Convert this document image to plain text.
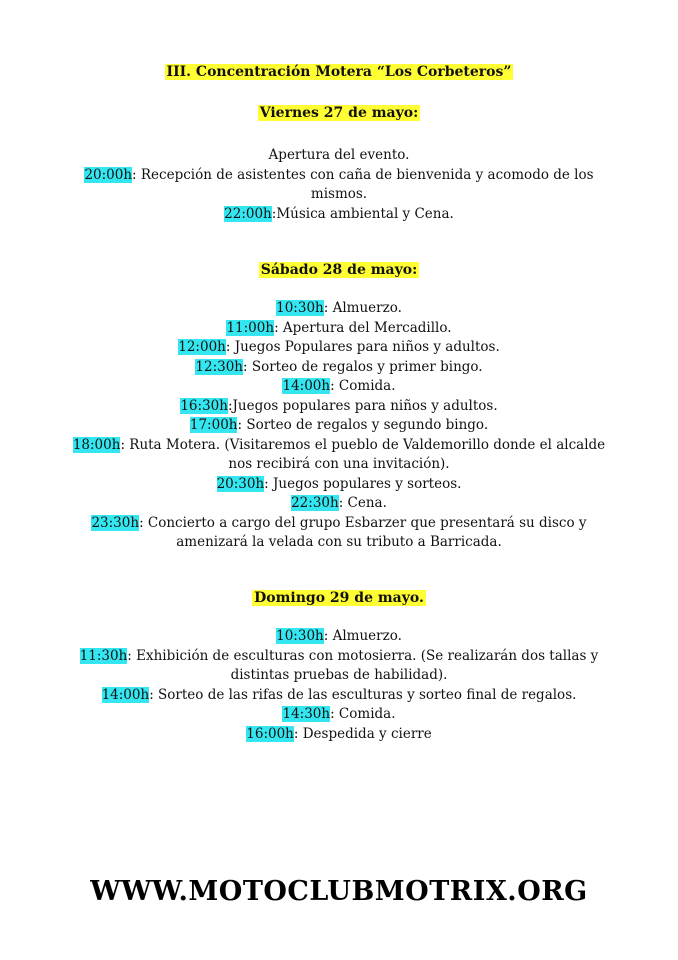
III. Concentración Motera “Los Corbeteros”
Viernes 27 de mayo:
Apertura del evento.
20:00h: Recepción de asistentes con caña de bienvenida y acomodo de los mismos.
22:00h:Música ambiental y Cena.
Sábado 28 de mayo:
10:30h: Almuerzo.
11:00h: Apertura del Mercadillo.
12:00h: Juegos Populares para niños y adultos.
12:30h: Sorteo de regalos y primer bingo.
14:00h: Comida.
16:30h:Juegos populares para niños y adultos.
17:00h: Sorteo de regalos y segundo bingo.
18:00h: Ruta Motera. (Visitaremos el pueblo de Valdemorillo donde el alcalde nos recibirá con una invitación).
20:30h: Juegos populares y sorteos.
22:30h: Cena.
23:30h: Concierto a cargo del grupo Esbarzer que presentará su disco y amenizará la velada con su tributo a Barricada.
Domingo 29 de mayo.
10:30h: Almuerzo.
11:30h: Exhibición de esculturas con motosierra. (Se realizarán dos tallas y distintas pruebas de habilidad).
14:00h: Sorteo de las rifas de las esculturas y sorteo final de regalos.
14:30h: Comida.
16:00h: Despedida y cierre
WWW.MOTOCLUBMOTRIX.ORG
